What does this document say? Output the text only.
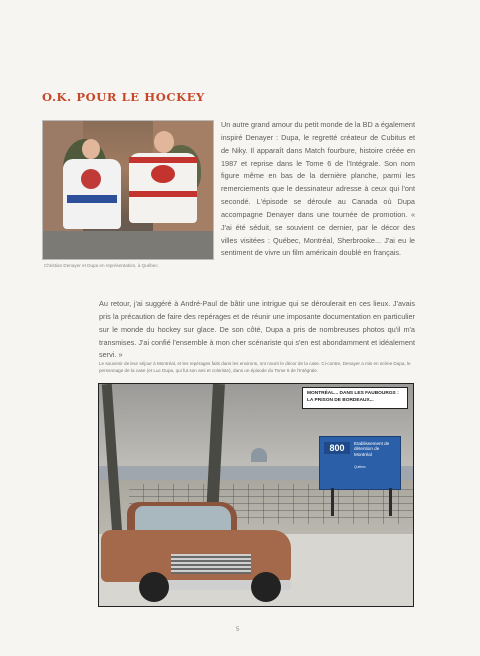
O.K. POUR LE HOCKEY
Christian Denayer et Dupa en représentation, à Québec.
Un autre grand amour du petit monde de la BD a également inspiré Denayer : Dupa, le regretté créateur de Cubitus et de Niky. Il apparaît dans Match fourbure, histoire créée en 1987 et reprise dans le Tome 6 de l'Intégrale. Son nom figure même en bas de la dernière planche, parmi les remerciements que le dessinateur adresse à ceux qui l'ont secondé. L'épisode se déroule au Canada où Dupa accompagne Denayer dans une tournée de promotion. « J'ai été séduit, se souvient ce dernier, par le décor des villes visitées : Québec, Montréal, Sherbrooke... J'ai eu le sentiment de vivre un film américain doublé en français.
Au retour, j'ai suggéré à André-Paul de bâtir une intrigue qui se déroulerait en ces lieux. J'avais pris la précaution de faire des repérages et de réunir une imposante documentation en particulier sur le monde du hockey sur glace. De son côté, Dupa a pris de nombreuses photos qu'il m'a transmises. J'ai confié l'ensemble à mon cher scénariste qui s'en est abondamment et idéalement servi. »
Le souvenir de leur séjour à Montréal, et les repérages faits dans les environs, ont nourri le décor de la case. Ci-contre, Denayer a mis en scène Dupa, le personnage de la case (et Luc Dupa, qui fut son ami et coloriste), dans un épisode du Tome 6 de l'Intégrale.
800	Etablissement de détention de Montréal
Québec
MONTRÉAL... DANS LES FAUBOURGS : LA PRISON DE BORDEAUX...
5
